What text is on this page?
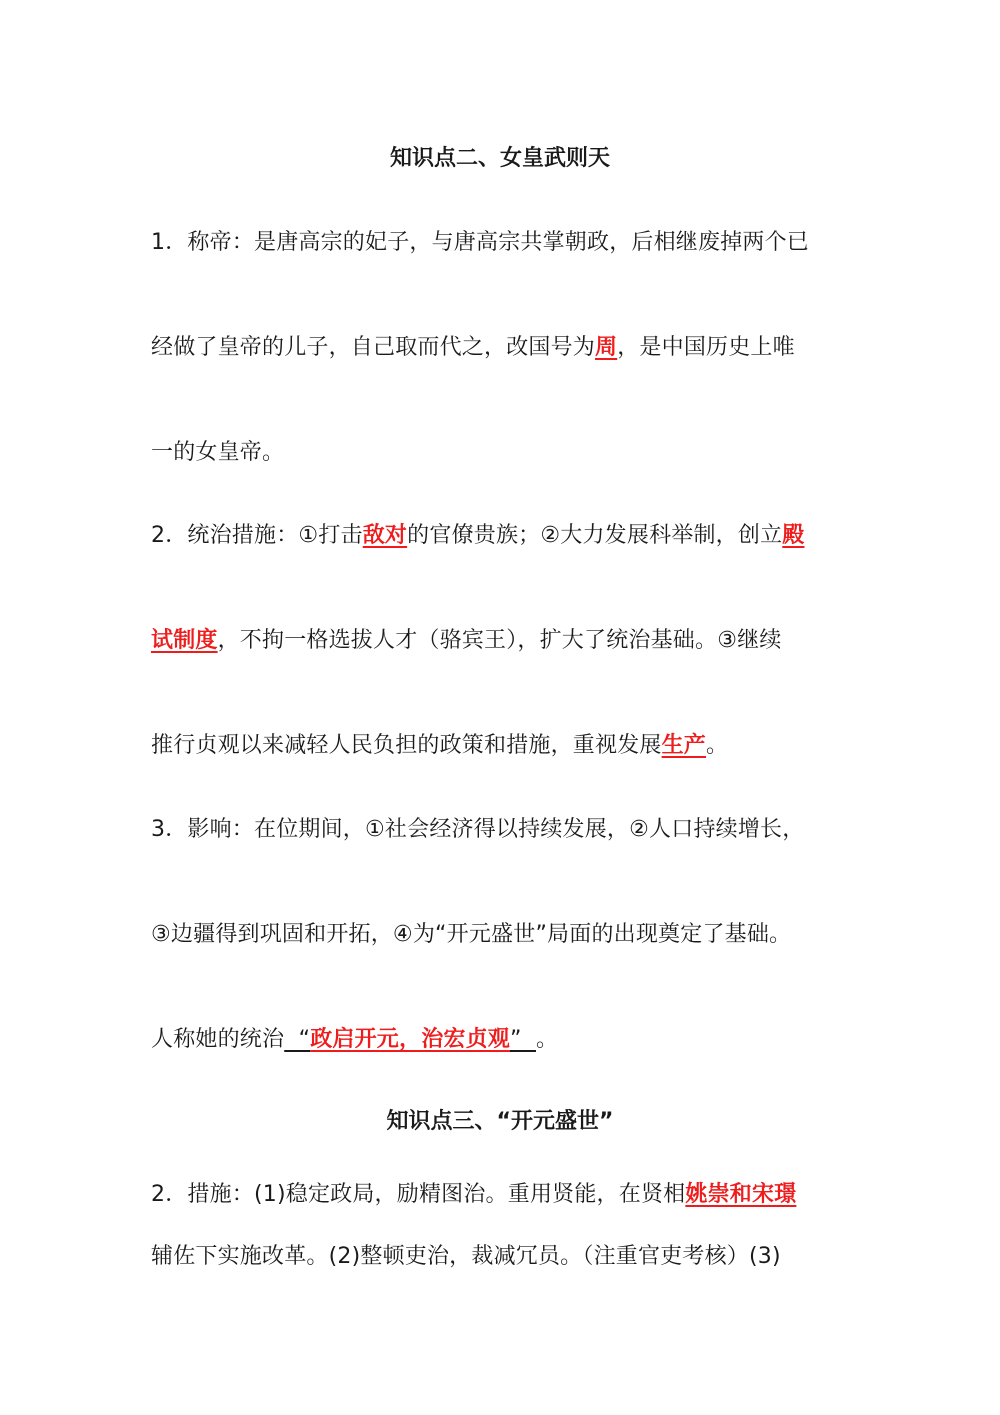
知识点二、女皇武则天
1．称帝：是唐高宗的妃子，与唐高宗共掌朝政，后相继废掉两个已
经做了皇帝的儿子，自己取而代之，改国号为周，是中国历史上唯
一的女皇帝。
2．统治措施：①打击敌对的官僚贵族；②大力发展科举制，创立殿
试制度，不拘一格选拔人才（骆宾王），扩大了统治基础。③继续
推行贞观以来减轻人民负担的政策和措施，重视发展生产。
3．影响：在位期间，①社会经济得以持续发展，②人口持续增长，
③边疆得到巩固和开拓，④为“开元盛世”局面的出现奠定了基础。
人称她的统治  “政启开元，治宏贞观”  。
知识点三、“开元盛世”
2．措施：(1)稳定政局，励精图治。重用贤能，在贤相姚崇和宋璟
辅佐下实施改革。(2)整顿吏治，裁减冗员。（注重官吏考核）(3)
